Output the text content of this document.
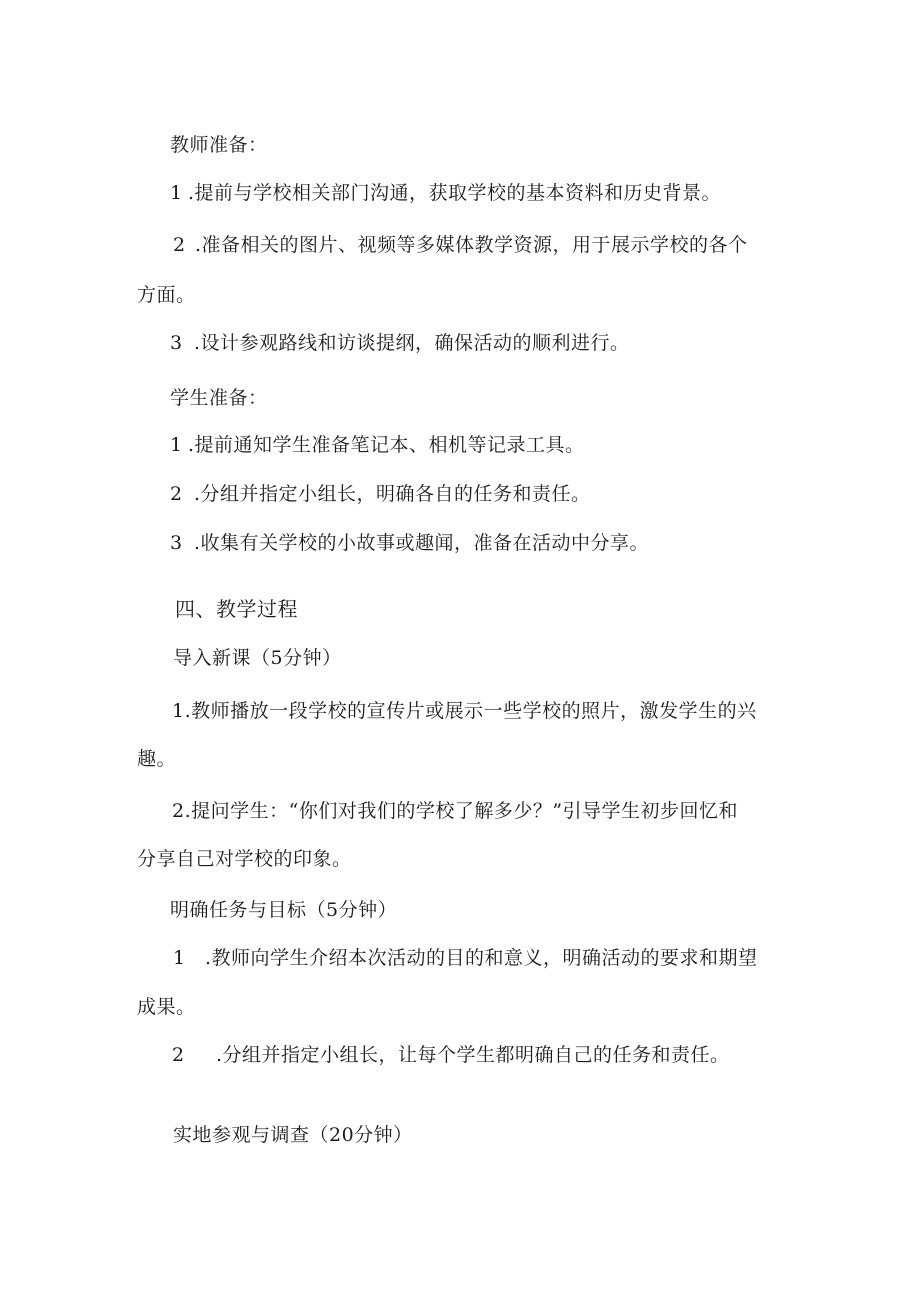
教师准备：
1 .提前与学校相关部门沟通，获取学校的基本资料和历史背景。
2 .准备相关的图片、视频等多媒体教学资源，用于展示学校的各个
方面。
3 .设计参观路线和访谈提纲，确保活动的顺利进行。
学生准备：
1 .提前通知学生准备笔记本、相机等记录工具。
2 .分组并指定小组长，明确各自的任务和责任。
3 .收集有关学校的小故事或趣闻，准备在活动中分享。
四、教学过程
导入新课（5分钟）
1.教师播放一段学校的宣传片或展示一些学校的照片，激发学生的兴
趣。
2.提问学生：“你们对我们的学校了解多少？”引导学生初步回忆和
分享自己对学校的印象。
明确任务与目标（5分钟）
1 .教师向学生介绍本次活动的目的和意义，明确活动的要求和期望
成果。
2 .分组并指定小组长，让每个学生都明确自己的任务和责任。
实地参观与调查（20分钟）
